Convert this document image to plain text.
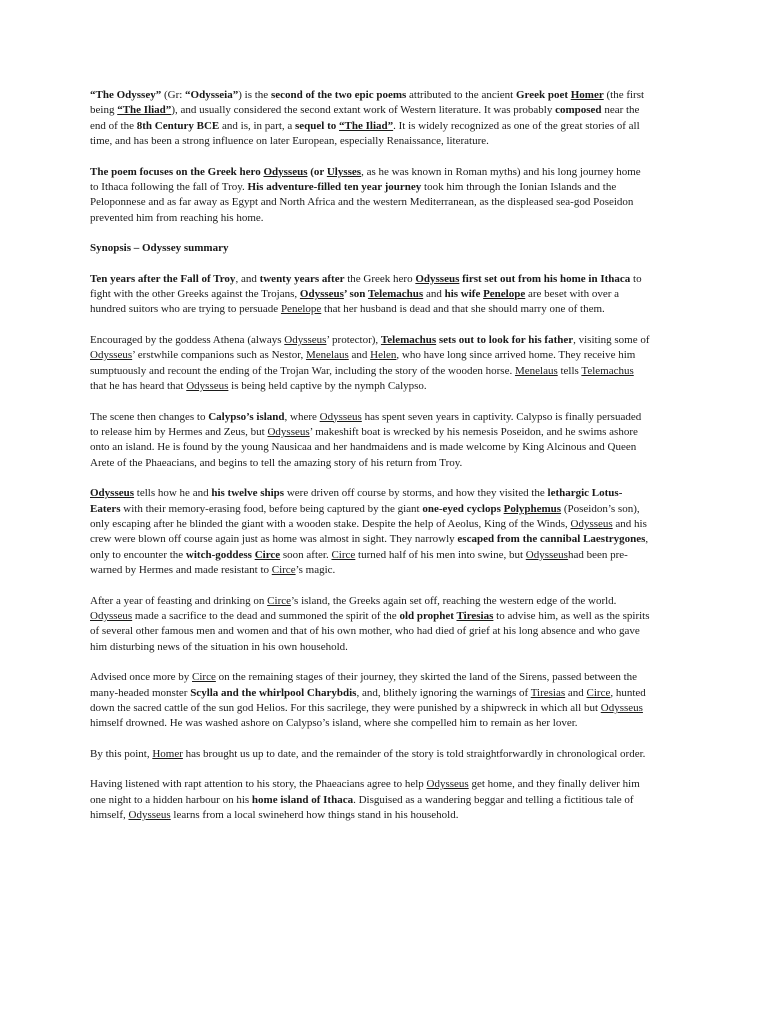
“The Odyssey” (Gr: “Odysseia”) is the second of the two epic poems attributed to the ancient Greek poet Homer (the first being “The Iliad”), and usually considered the second extant work of Western literature. It was probably composed near the end of the 8th Century BCE and is, in part, a sequel to “The Iliad”. It is widely recognized as one of the great stories of all time, and has been a strong influence on later European, especially Renaissance, literature.

The poem focuses on the Greek hero Odysseus (or Ulysses, as he was known in Roman myths) and his long journey home to Ithaca following the fall of Troy. His adventure-filled ten year journey took him through the Ionian Islands and the Peloponnese and as far away as Egypt and North Africa and the western Mediterranean, as the displeased sea-god Poseidon prevented him from reaching his home.

Synopsis – Odyssey summary

Ten years after the Fall of Troy, and twenty years after the Greek hero Odysseus first set out from his home in Ithaca to fight with the other Greeks against the Trojans, Odysseus’ son Telemachus and his wife Penelope are beset with over a hundred suitors who are trying to persuade Penelope that her husband is dead and that she should marry one of them.

Encouraged by the goddess Athena (always Odysseus’ protector), Telemachus sets out to look for his father, visiting some of Odysseus’ erstwhile companions such as Nestor, Menelaus and Helen, who have long since arrived home. They receive him sumptuously and recount the ending of the Trojan War, including the story of the wooden horse. Menelaus tells Telemachus that he has heard that Odysseus is being held captive by the nymph Calypso.

The scene then changes to Calypso’s island, where Odysseus has spent seven years in captivity. Calypso is finally persuaded to release him by Hermes and Zeus, but Odysseus’ makeshift boat is wrecked by his nemesis Poseidon, and he swims ashore onto an island. He is found by the young Nausicaa and her handmaidens and is made welcome by King Alcinous and Queen Arete of the Phaeacians, and begins to tell the amazing story of his return from Troy.

Odysseus tells how he and his twelve ships were driven off course by storms, and how they visited the lethargic Lotus-Eaters with their memory-erasing food, before being captured by the giant one-eyed cyclops Polyphemus (Poseidon’s son), only escaping after he blinded the giant with a wooden stake. Despite the help of Aeolus, King of the Winds, Odysseus and his crew were blown off course again just as home was almost in sight. They narrowly escaped from the cannibal Laestrygones, only to encounter the witch-goddess Circe soon after. Circe turned half of his men into swine, but Odysseushad been pre-warned by Hermes and made resistant to Circe’s magic.

After a year of feasting and drinking on Circe’s island, the Greeks again set off, reaching the western edge of the world. Odysseus made a sacrifice to the dead and summoned the spirit of the old prophet Tiresias to advise him, as well as the spirits of several other famous men and women and that of his own mother, who had died of grief at his long absence and who gave him disturbing news of the situation in his own household.

Advised once more by Circe on the remaining stages of their journey, they skirted the land of the Sirens, passed between the many-headed monster Scylla and the whirlpool Charybdis, and, blithely ignoring the warnings of Tiresias and Circe, hunted down the sacred cattle of the sun god Helios. For this sacrilege, they were punished by a shipwreck in which all but Odysseus himself drowned. He was washed ashore on Calypso’s island, where she compelled him to remain as her lover.

By this point, Homer has brought us up to date, and the remainder of the story is told straightforwardly in chronological order.

Having listened with rapt attention to his story, the Phaeacians agree to help Odysseus get home, and they finally deliver him one night to a hidden harbour on his home island of Ithaca. Disguised as a wandering beggar and telling a fictitious tale of himself, Odysseus learns from a local swineherd how things stand in his household.
